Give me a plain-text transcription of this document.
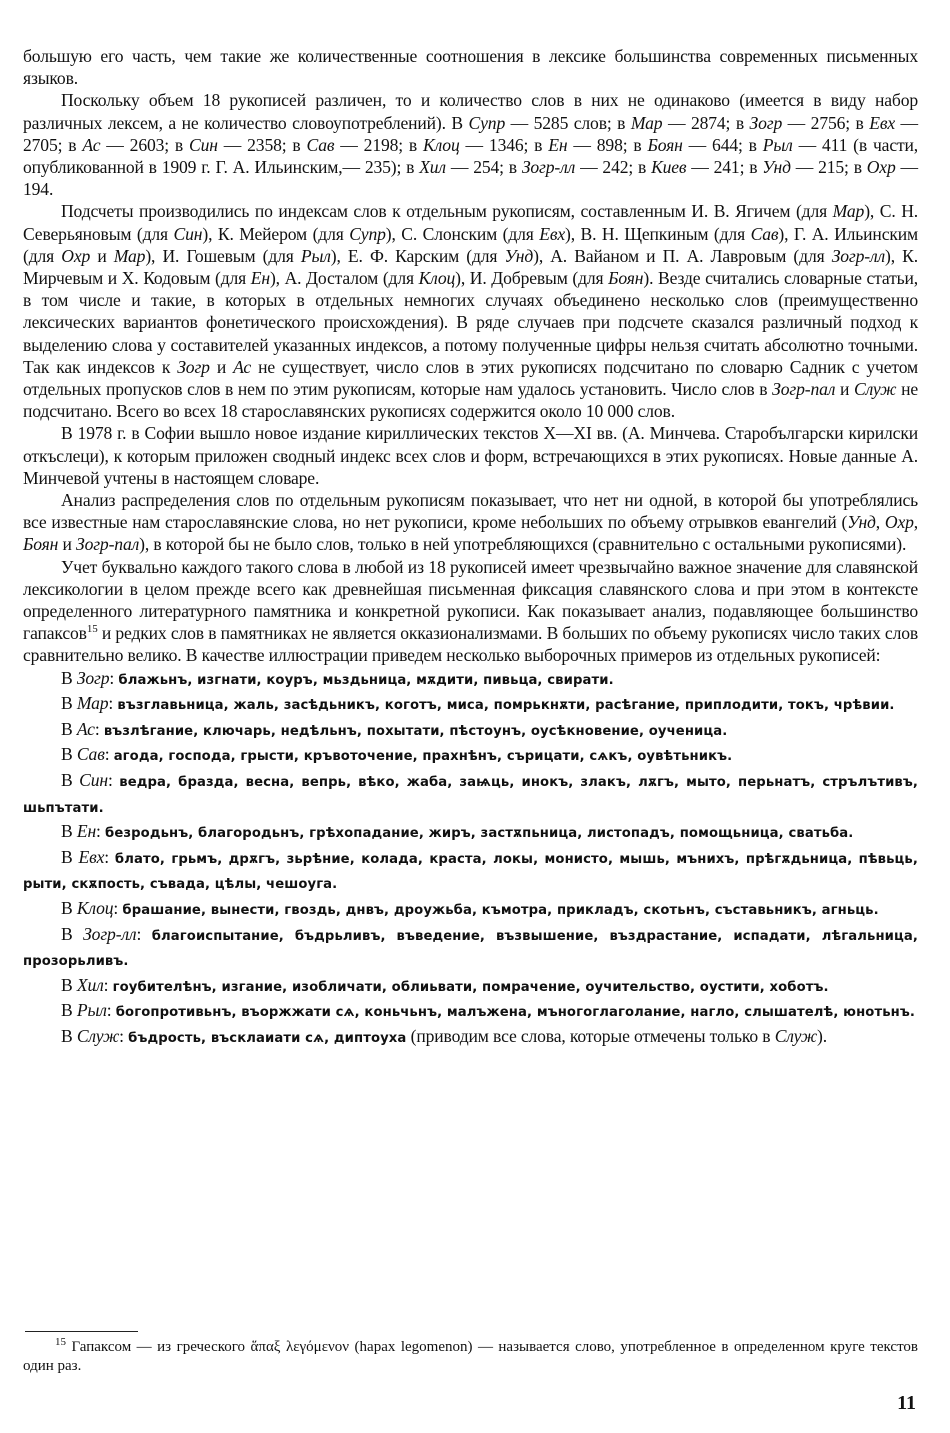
большую его часть, чем такие же количественные соотношения в лексике большинства современных письменных языков.

Поскольку объем 18 рукописей различен, то и количество слов в них не одинаково (имеется в виду набор различных лексем, а не количество словоупотреблений). В Супр — 5285 слов; в Мар — 2874; в Зогр — 2756; в Евх — 2705; в Ас — 2603; в Син — 2358; в Сав — 2198; в Клоц — 1346; в Ен — 898; в Боян — 644; в Рыл — 411 (в части, опубликованной в 1909 г. Г. А. Ильинским,— 235); в Хил — 254; в Зогр-лл — 242; в Киев — 241; в Унд — 215; в Охр — 194.

Подсчеты производились по индексам слов к отдельным рукописям, составленным И. В. Ягичем (для Мар), С. Н. Северьяновым (для Син), К. Мейером (для Супр), С. Слонским (для Евх), В. Н. Щепкиным (для Сав), Г. А. Ильинским (для Охр и Мар), И. Гошевым (для Рыл), Е. Ф. Карским (для Унд), А. Вайаном и П. А. Лавровым (для Зогр-лл), К. Мирчевым и Х. Кодовым (для Ен), А. Досталом (для Клоц), И. Добревым (для Боян). Везде считались словарные статьи, в том числе и такие, в которых в отдельных немногих случаях объединено несколько слов (преимущественно лексических вариантов фонетического происхождения). В ряде случаев при подсчете сказался различный подход к выделению слова у составителей указанных индексов, а потому полученные цифры нельзя считать абсолютно точными. Так как индексов к Зогр и Ас не существует, число слов в этих рукописях подсчитано по словарю Садник с учетом отдельных пропусков слов в нем по этим рукописям, которые нам удалось установить. Число слов в Зогр-пал и Служ не подсчитано. Всего во всех 18 старославянских рукописях содержится около 10 000 слов.

В 1978 г. в Софии вышло новое издание кириллических текстов X—XI вв. (А. Минчева. Старобългарски кирилски откъслеци), к которым приложен сводный индекс всех слов и форм, встречающихся в этих рукописях. Новые данные А. Минчевой учтены в настоящем словаре.

Анализ распределения слов по отдельным рукописям показывает, что нет ни одной, в которой бы употреблялись все известные нам старославянские слова, но нет рукописи, кроме небольших по объему отрывков евангелий (Унд, Охр, Боян и Зогр-пал), в которой бы не было слов, только в ней употребляющихся (сравнительно с остальными рукописями).

Учет буквально каждого такого слова в любой из 18 рукописей имеет чрезвычайно важное значение для славянской лексикологии в целом прежде всего как древнейшая письменная фиксация славянского слова и при этом в контексте определенного литературного памятника и конкретной рукописи. Как показывает анализ, подавляющее большинство гапаксов$^{15}$ и редких слов в памятниках не является окказионализмами. В больших по объему рукописях число таких слов сравнительно велико. В качестве иллюстрации приведем несколько выборочных примеров из отдельных рукописей:

В Зогр: блажьнъ, изгнати, коуръ, мьздьница, мѫдити, пивьца, свирати.

В Мар: възглавьница, жаль, засѣдьникъ, коготъ, миса, помрькнѫти, расѣгание, приплодити, токъ, чрѣвии.

В Ас: възлѣгание, ключарь, недѣльнъ, похытати, пѣстоунъ, оусѣкновение, оученица.

В Сав: агода, господа, грысти, кръвоточение, прахнѣнъ, сърицати, сѧкъ, оувѣтьникъ.

В Син: ведра, бразда, весна, вепрь, вѣко, жаба, заѩць, инокъ, злакъ, лѫгъ, мыто, перьнатъ, стрълътивъ, шьпътати.

В Ен: безродьнъ, благородьнъ, грѣхопадание, жиръ, застѫпьница, листопадъ, помощьница, сватьба.

В Евх: блато, грьмъ, дрѫгъ, зьрѣние, колада, краста, локы, монисто, мышь, мънихъ, прѣгѫдьница, пѣвьць, рыти, скѫпость, съвада, цѣлы, чешоуга.

В Клоц: брашание, вынести, гвоздь, днвъ, дроужьба, къмотра, прикладъ, скотьнъ, съставьникъ, агньць.

В Зогр-лл: благоиспытание, бъдрьливъ, въведение, възвышение, въздрастание, испадати, лѣгальница, прозорьливъ.

В Хил: гоубителѣнъ, изгание, изобличати, облиьвати, помрачение, оучительство, оустити, хоботъ.

В Рыл: богопротивьнъ, въоржжати сѧ, коньчьнъ, малъжена, мъногоглаголание, нагло, слышателѣ, юнотьнъ.

В Служ: бъдрость, въсклаиати сѧ, диптоуха (приводим все слова, которые отмечены только в Служ).

$^{15}$ Гапаксом — из греческого ἅπαξ λεγόμενον (hapax legomenon) — называется слово, употребленное в определенном круге текстов один раз.

11
